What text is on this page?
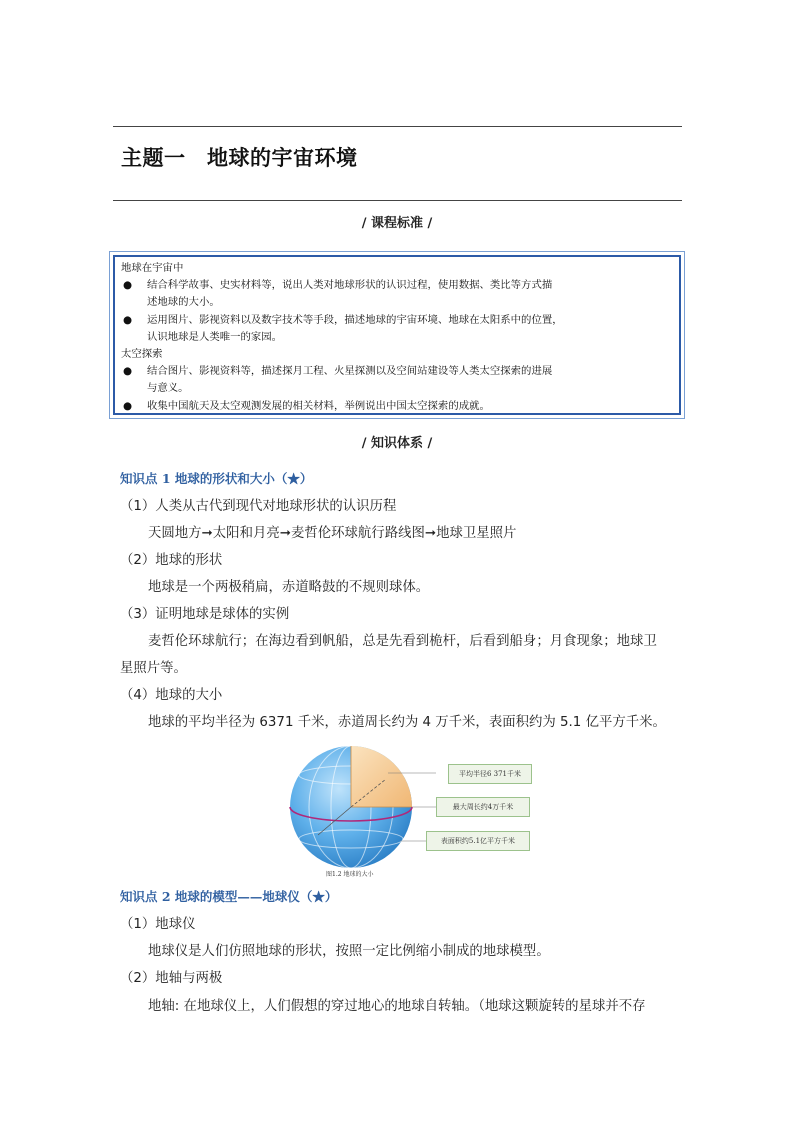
主题一　地球的宇宙环境
/ 课程标准 /
地球在宇宙中
● 结合科学故事、史实材料等，说出人类对地球形状的认识过程，使用数据、类比等方式描
述地球的大小。
● 运用图片、影视资料以及数字技术等手段，描述地球的宇宙环境、地球在太阳系中的位置，
认识地球是人类唯一的家园。
太空探索
● 结合图片、影视资料等，描述探月工程、火星探测以及空间站建设等人类太空探索的进展
与意义。
● 收集中国航天及太空观测发展的相关材料，举例说出中国太空探索的成就。
/ 知识体系 /
知识点 1 地球的形状和大小（★）
（1）人类从古代到现代对地球形状的认识历程
天圆地方➞太阳和月亮➞麦哲伦环球航行路线图➞地球卫星照片
（2）地球的形状
地球是一个两极稍扁，赤道略鼓的不规则球体。
（3）证明地球是球体的实例
麦哲伦环球航行；在海边看到帆船，总是先看到桅杆，后看到船身；月食现象；地球卫
星照片等。
（4）地球的大小
地球的平均半径为 6371 千米，赤道周长约为 4 万千米，表面积约为 5.1 亿平方千米。
平均半径6 371千米
最大周长约4万千米
表面积约5.1亿平方千米
图1.2 地球的大小
知识点 2 地球的模型——地球仪（★）
（1）地球仪
地球仪是人们仿照地球的形状，按照一定比例缩小制成的地球模型。
（2）地轴与两极
地轴: 在地球仪上，人们假想的穿过地心的地球自转轴。（地球这颗旋转的星球并不存
